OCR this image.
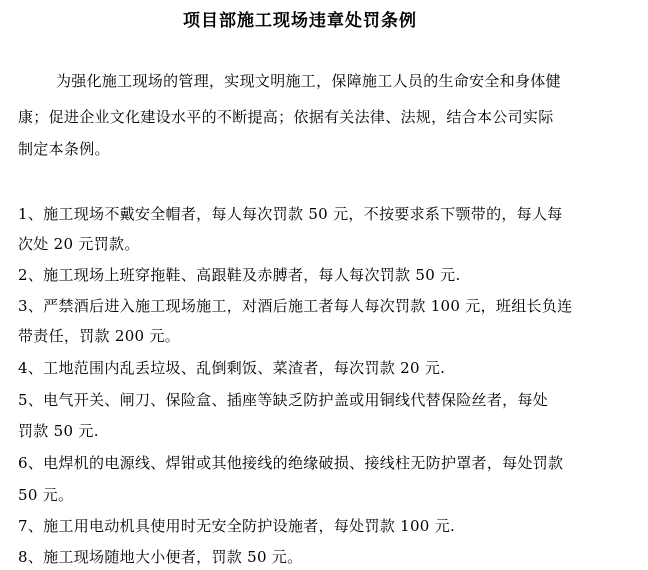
项目部施工现场违章处罚条例
为强化施工现场的管理，实现文明施工，保障施工人员的生命安全和身体健
康；促进企业文化建设水平的不断提高；依据有关法律、法规，结合本公司实际
制定本条例。
1、施工现场不戴安全帽者，每人每次罚款 50 元，不按要求系下颚带的，每人每
次处 20 元罚款。
2、施工现场上班穿拖鞋、高跟鞋及赤膊者，每人每次罚款 50 元.
3、严禁酒后进入施工现场施工，对酒后施工者每人每次罚款 100 元，班组长负连
带责任，罚款 200 元。
4、工地范围内乱丢垃圾、乱倒剩饭、菜渣者，每次罚款 20 元.
5、电气开关、闸刀、保险盒、插座等缺乏防护盖或用铜线代替保险丝者，每处
罚款 50 元.
6、电焊机的电源线、焊钳或其他接线的绝缘破损、接线柱无防护罩者，每处罚款
50 元。
7、施工用电动机具使用时无安全防护设施者，每处罚款 100 元.
8、施工现场随地大小便者，罚款 50 元。
